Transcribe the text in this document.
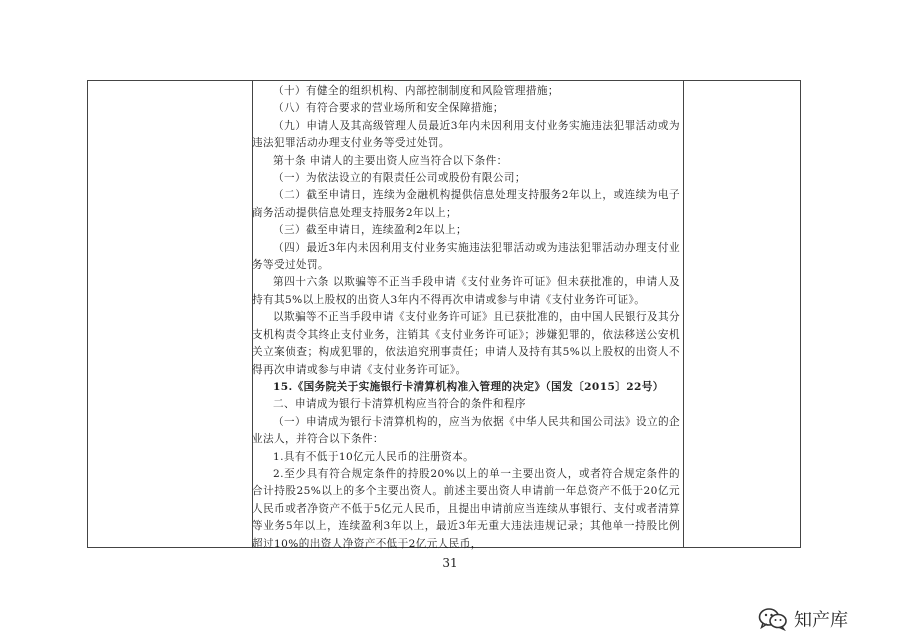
（十）有健全的组织机构、内部控制制度和风险管理措施；

（八）有符合要求的营业场所和安全保障措施；

（九）申请人及其高级管理人员最近3年内未因利用支付业务实施违法犯罪活动或为违法犯罪活动办理支付业务等受过处罚。

第十条 申请人的主要出资人应当符合以下条件：

（一）为依法设立的有限责任公司或股份有限公司；

（二）截至申请日，连续为金融机构提供信息处理支持服务2年以上，或连续为电子商务活动提供信息处理支持服务2年以上；

（三）截至申请日，连续盈利2年以上；

（四）最近3年内未因利用支付业务实施违法犯罪活动或为违法犯罪活动办理支付业务等受过处罚。

第四十六条 以欺骗等不正当手段申请《支付业务许可证》但未获批准的，申请人及持有其5%以上股权的出资人3年内不得再次申请或参与申请《支付业务许可证》。

以欺骗等不正当手段申请《支付业务许可证》且已获批准的，由中国人民银行及其分支机构责令其终止支付业务，注销其《支付业务许可证》；涉嫌犯罪的，依法移送公安机关立案侦查；构成犯罪的，依法追究刑事责任；申请人及持有其5%以上股权的出资人不得再次申请或参与申请《支付业务许可证》。

15.《国务院关于实施银行卡清算机构准入管理的决定》（国发〔2015〕22号）

二、申请成为银行卡清算机构应当符合的条件和程序

（一）申请成为银行卡清算机构的，应当为依据《中华人民共和国公司法》设立的企业法人，并符合以下条件：

1.具有不低于10亿元人民币的注册资本。

2.至少具有符合规定条件的持股20%以上的单一主要出资人，或者符合规定条件的合计持股25%以上的多个主要出资人。前述主要出资人申请前一年总资产不低于20亿元人民币或者净资产不低于5亿元人民币，且提出申请前应当连续从事银行、支付或者清算等业务5年以上，连续盈利3年以上，最近3年无重大违法违规记录；其他单一持股比例超过10%的出资人净资产不低于2亿元人民币，

31
知产库
